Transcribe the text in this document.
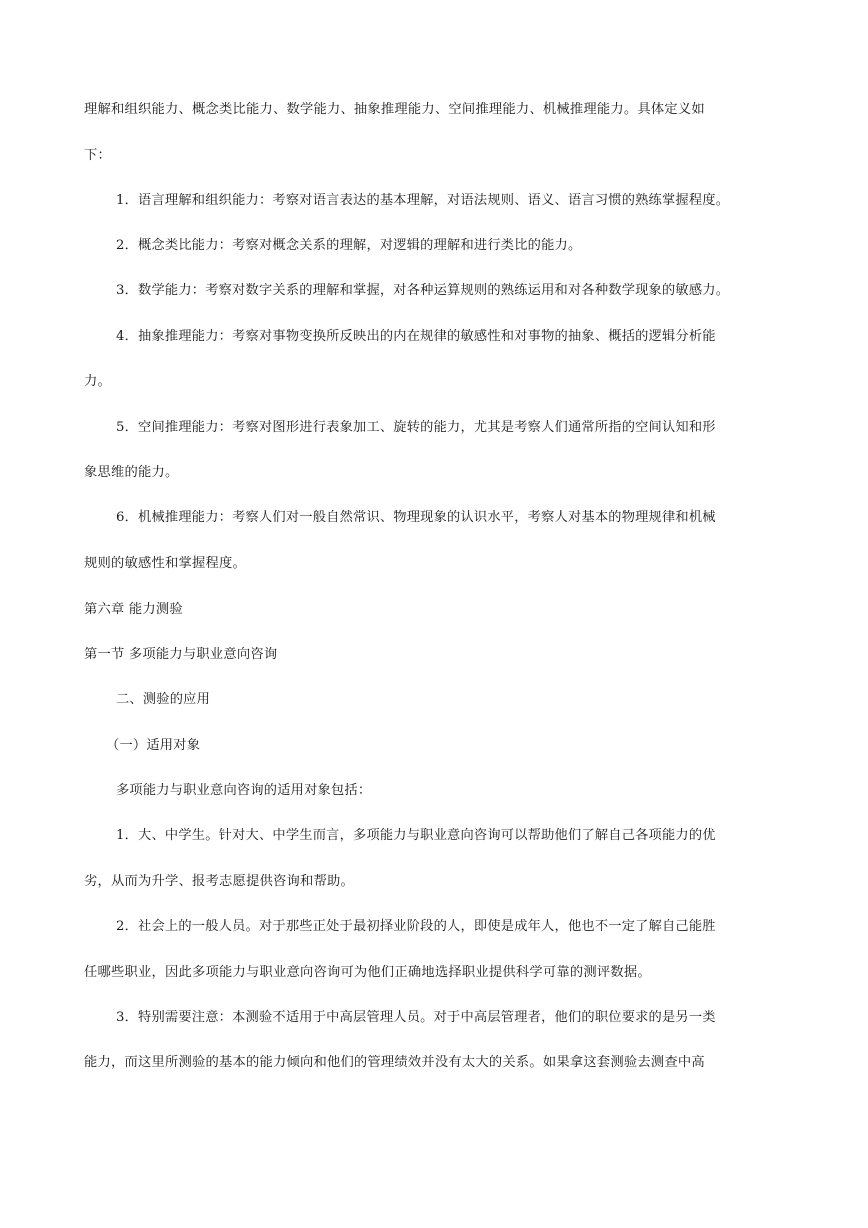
理解和组织能力、概念类比能力、数学能力、抽象推理能力、空间推理能力、机械推理能力。具体定义如
下：
1．语言理解和组织能力：考察对语言表达的基本理解，对语法规则、语义、语言习惯的熟练掌握程度。
2．概念类比能力：考察对概念关系的理解，对逻辑的理解和进行类比的能力。
3．数学能力：考察对数字关系的理解和掌握，对各种运算规则的熟练运用和对各种数学现象的敏感力。
4．抽象推理能力：考察对事物变换所反映出的内在规律的敏感性和对事物的抽象、概括的逻辑分析能
力。
5．空间推理能力：考察对图形进行表象加工、旋转的能力，尤其是考察人们通常所指的空间认知和形
象思维的能力。
6．机械推理能力：考察人们对一般自然常识、物理现象的认识水平，考察人对基本的物理规律和机械
规则的敏感性和掌握程度。
第六章 能力测验
第一节 多项能力与职业意向咨询
二、测验的应用
（一）适用对象
多项能力与职业意向咨询的适用对象包括：
1．大、中学生。针对大、中学生而言，多项能力与职业意向咨询可以帮助他们了解自己各项能力的优
劣，从而为升学、报考志愿提供咨询和帮助。
2．社会上的一般人员。对于那些正处于最初择业阶段的人，即使是成年人，他也不一定了解自己能胜
任哪些职业，因此多项能力与职业意向咨询可为他们正确地选择职业提供科学可靠的测评数据。
3．特别需要注意：本测验不适用于中高层管理人员。对于中高层管理者，他们的职位要求的是另一类
能力，而这里所测验的基本的能力倾向和他们的管理绩效并没有太大的关系。如果拿这套测验去测查中高
